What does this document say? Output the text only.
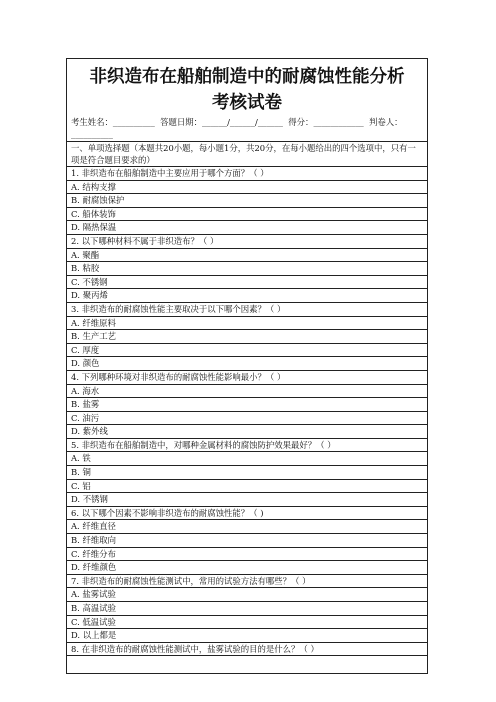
非织造布在船舶制造中的耐腐蚀性能分析
考核试卷
考生姓名：__________  答题日期：______/______/______  得分：____________  判卷人：__________
一、单项选择题（本题共20小题，每小题1分，共20分，在每小题给出的四个选项中，只有一项是符合题目要求的）
1. 非织造布在船舶制造中主要应用于哪个方面？（ ）
A. 结构支撑
B. 耐腐蚀保护
C. 船体装饰
D. 隔热保温
2. 以下哪种材料不属于非织造布？（ ）
A. 聚酯
B. 粘胶
C. 不锈钢
D. 聚丙烯
3. 非织造布的耐腐蚀性能主要取决于以下哪个因素？（ ）
A. 纤维原料
B. 生产工艺
C. 厚度
D. 颜色
4. 下列哪种环境对非织造布的耐腐蚀性能影响最小？（ ）
A. 海水
B. 盐雾
C. 油污
D. 紫外线
5. 非织造布在船舶制造中，对哪种金属材料的腐蚀防护效果最好？（ ）
A. 铁
B. 铜
C. 铝
D. 不锈钢
6. 以下哪个因素不影响非织造布的耐腐蚀性能？（ )
A. 纤维直径
B. 纤维取向
C. 纤维分布
D. 纤维颜色
7. 非织造布的耐腐蚀性能测试中，常用的试验方法有哪些？（ ）
A. 盐雾试验
B. 高温试验
C. 低温试验
D. 以上都是
8. 在非织造布的耐腐蚀性能测试中，盐雾试验的目的是什么？（ ）
